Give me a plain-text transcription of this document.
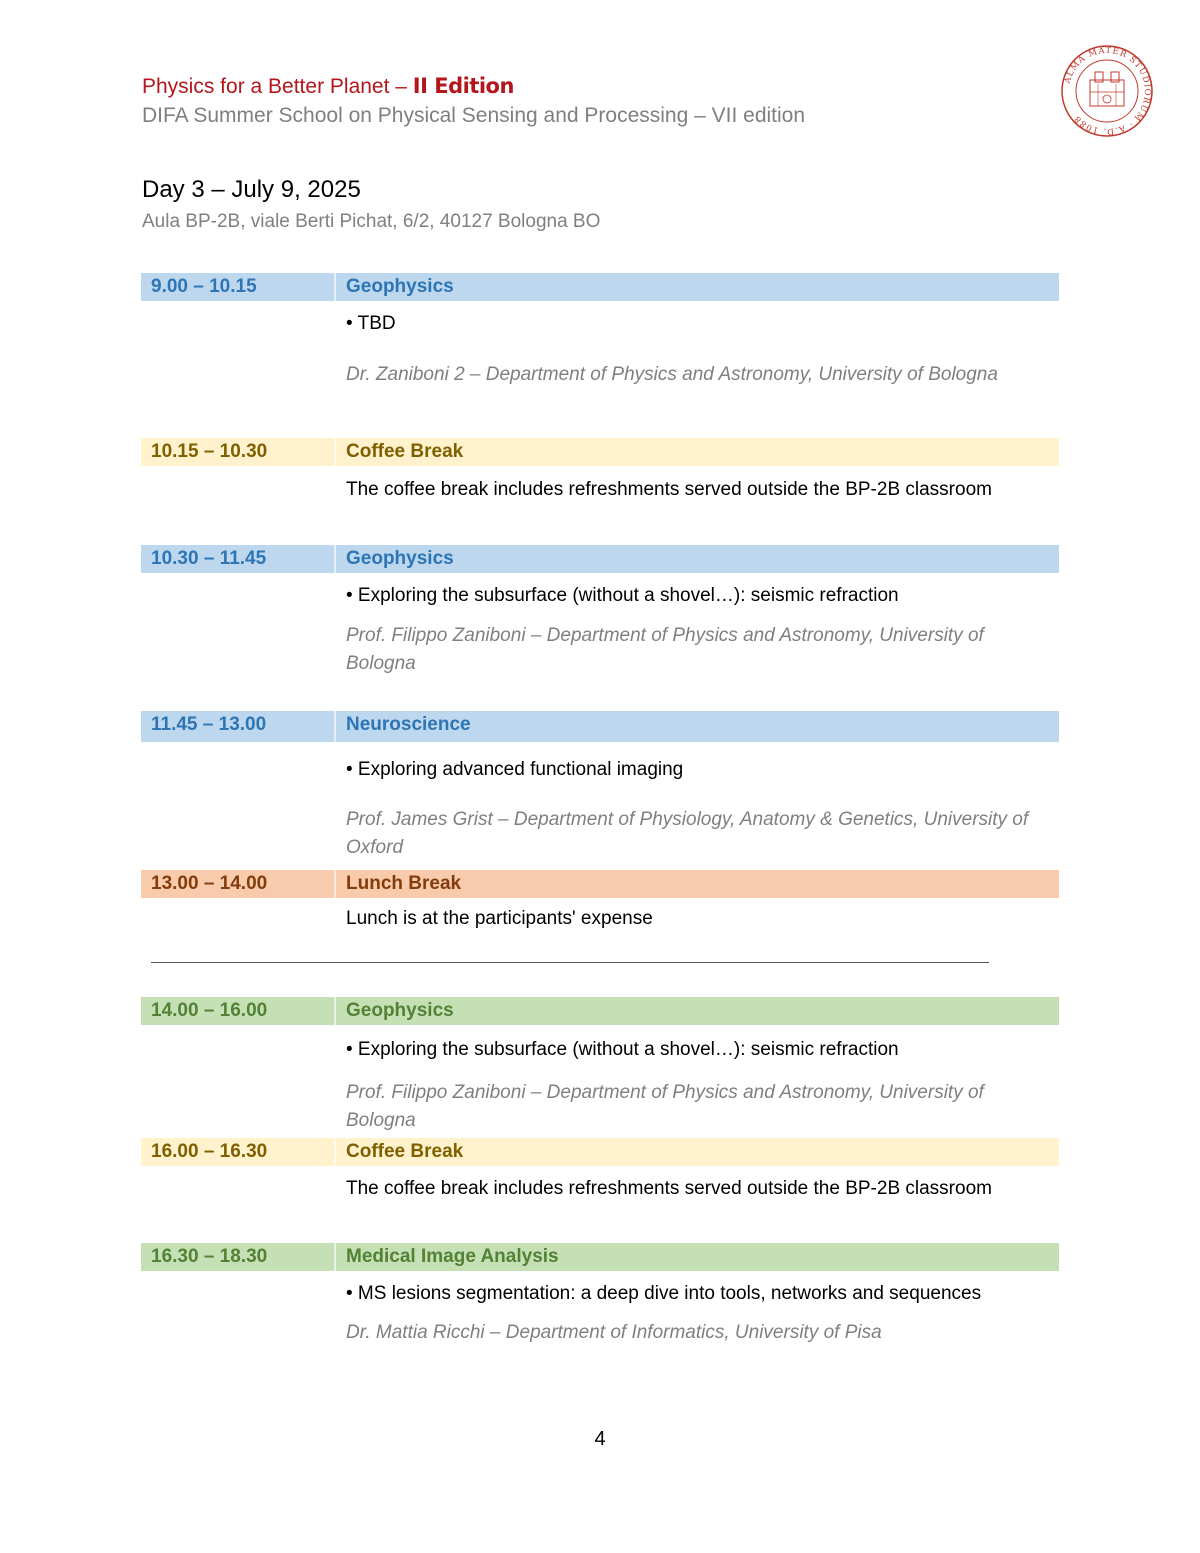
Physics for a Better Planet – II Edition
DIFA Summer School on Physical Sensing and Processing – VII edition
ALMA MATER STUDIORUM · A.D. 1088
Day 3 – July 9, 2025
Aula BP-2B, viale Berti Pichat, 6/2, 40127 Bologna BO
9.00 – 10.15	Geophysics
• TBD
Dr. Zaniboni 2 – Department of Physics and Astronomy, University of Bologna
10.15 – 10.30	Coffee Break
The coffee break includes refreshments served outside the BP-2B classroom
10.30 – 11.45	Geophysics
• Exploring the subsurface (without a shovel…): seismic refraction
Prof. Filippo Zaniboni – Department of Physics and Astronomy, University of Bologna
11.45 – 13.00	Neuroscience
• Exploring advanced functional imaging
Prof. James Grist – Department of Physiology, Anatomy & Genetics, University of Oxford
13.00 – 14.00	Lunch Break
Lunch is at the participants' expense
14.00 – 16.00	Geophysics
• Exploring the subsurface (without a shovel…): seismic refraction
Prof. Filippo Zaniboni – Department of Physics and Astronomy, University of Bologna
16.00 – 16.30	Coffee Break
The coffee break includes refreshments served outside the BP-2B classroom
16.30 – 18.30	Medical Image Analysis
• MS lesions segmentation: a deep dive into tools, networks and sequences
Dr. Mattia Ricchi – Department of Informatics, University of Pisa
4
